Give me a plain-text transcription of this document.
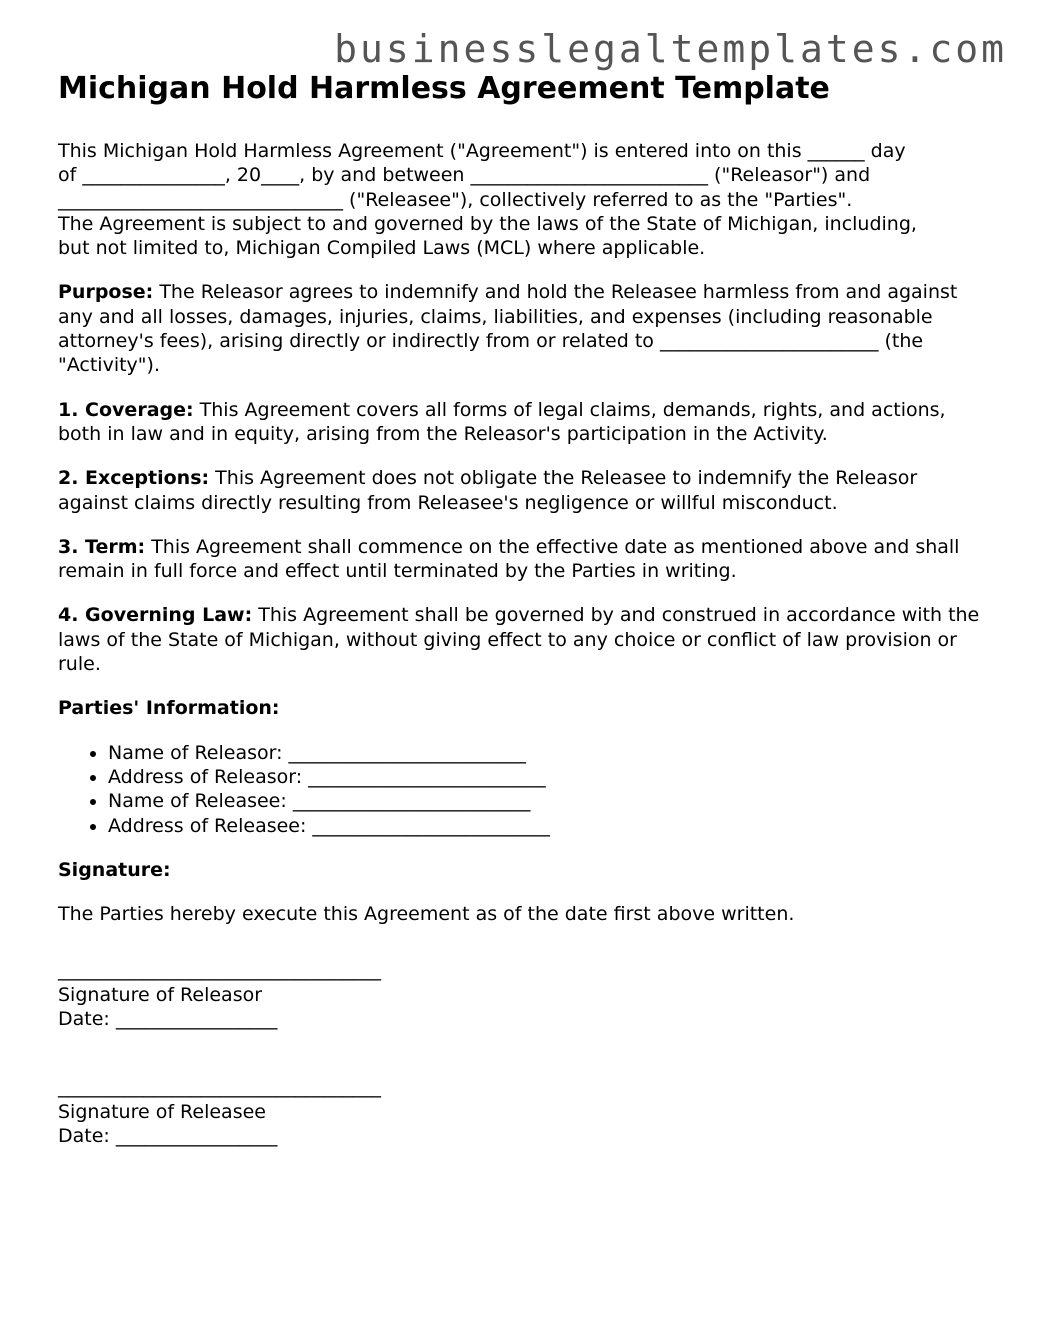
businesslegaltemplates.com
Michigan Hold Harmless Agreement Template

This Michigan Hold Harmless Agreement ("Agreement") is entered into on this ______ day
of _______________, 20____, by and between _________________________ ("Releasor") and
______________________________ ("Releasee"), collectively referred to as the "Parties".
The Agreement is subject to and governed by the laws of the State of Michigan, including,
but not limited to, Michigan Compiled Laws (MCL) where applicable.

Purpose: The Releasor agrees to indemnify and hold the Releasee harmless from and against any and all losses, damages, injuries, claims, liabilities, and expenses (including reasonable attorney's fees), arising directly or indirectly from or related to _______________________ (the "Activity").

1. Coverage: This Agreement covers all forms of legal claims, demands, rights, and actions, both in law and in equity, arising from the Releasor's participation in the Activity.

2. Exceptions: This Agreement does not obligate the Releasee to indemnify the Releasor against claims directly resulting from Releasee's negligence or willful misconduct.

3. Term: This Agreement shall commence on the effective date as mentioned above and shall remain in full force and effect until terminated by the Parties in writing.

4. Governing Law: This Agreement shall be governed by and construed in accordance with the laws of the State of Michigan, without giving effect to any choice or conflict of law provision or rule.

Parties' Information:

• Name of Releasor: _________________________
• Address of Releasor: _________________________
• Name of Releasee: _________________________
• Address of Releasee: _________________________

Signature:

The Parties hereby execute this Agreement as of the date first above written.

__________________________________
Signature of Releasor
Date: _________________
__________________________________
Signature of Releasee
Date: _________________
